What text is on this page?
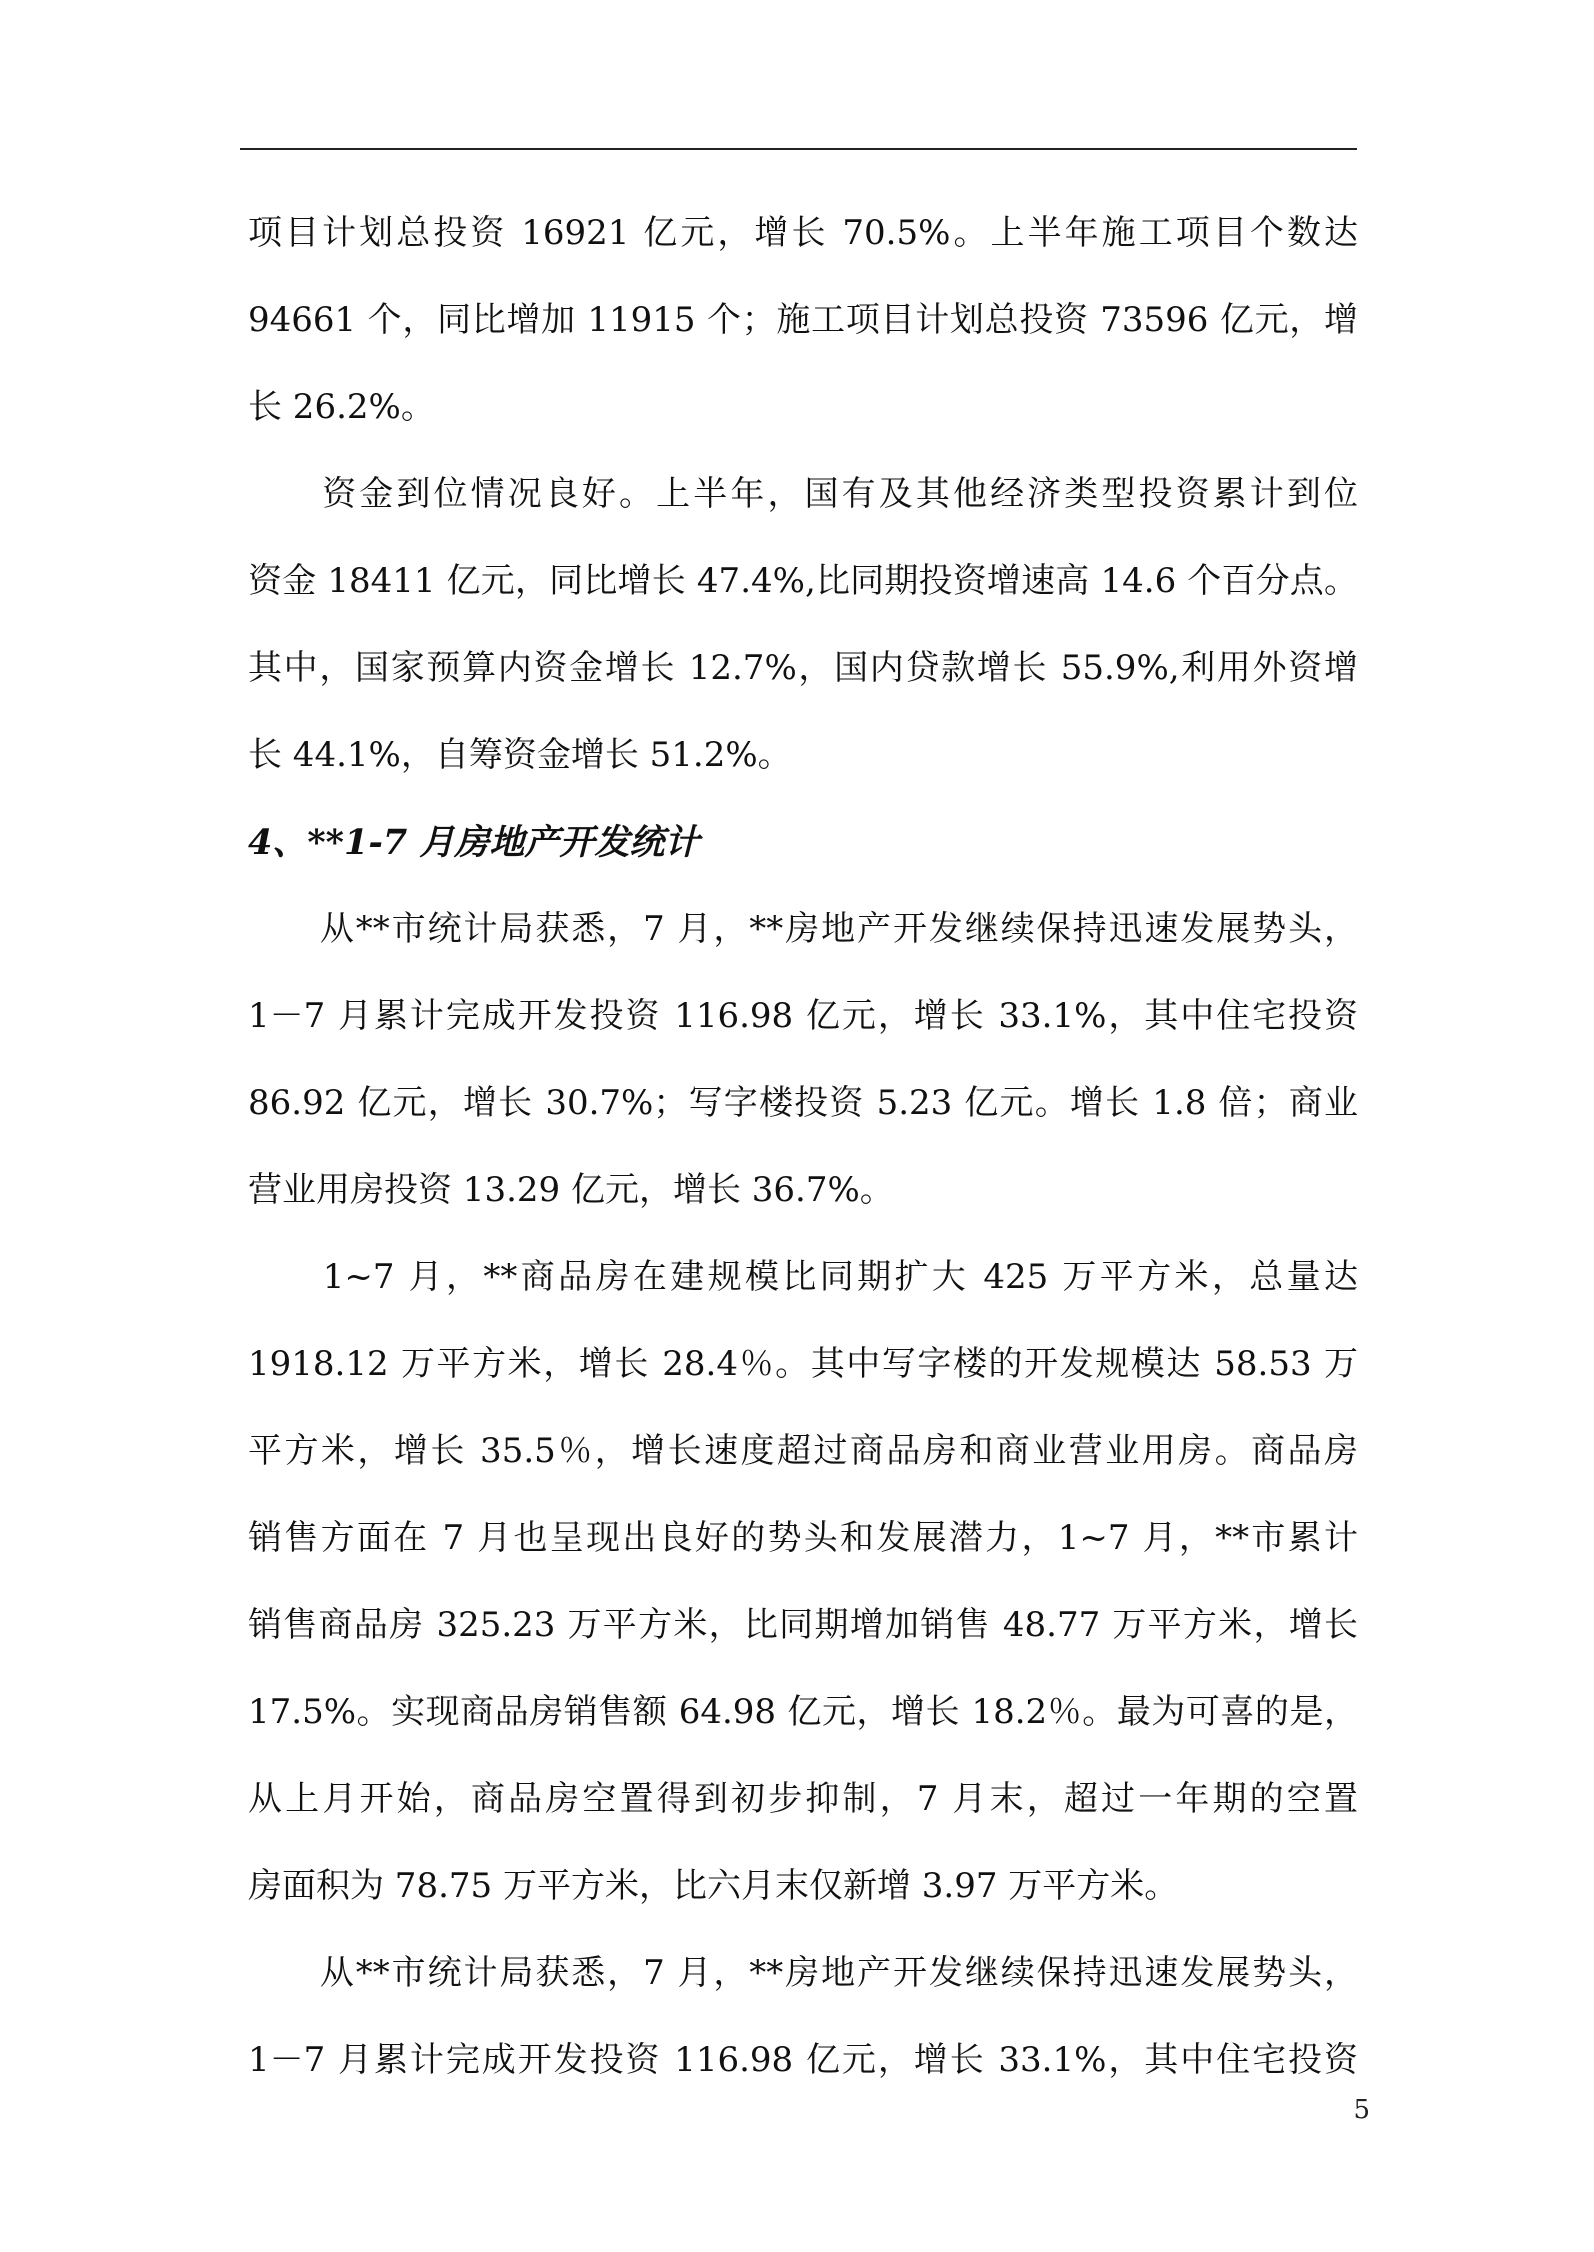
项目计划总投资 16921 亿元，增长 70.5%。上半年施工项目个数达
94661 个，同比增加 11915 个；施工项目计划总投资 73596 亿元，增
长 26.2%。
　　资金到位情况良好。上半年，国有及其他经济类型投资累计到位
资金 18411 亿元，同比增长 47.4%,比同期投资增速高 14.6 个百分点。
其中，国家预算内资金增长 12.7%，国内贷款增长 55.9%,利用外资增
长 44.1%，自筹资金增长 51.2%。
4、**1-7 月房地产开发统计
　　从**市统计局获悉，7 月，**房地产开发继续保持迅速发展势头，
1－7 月累计完成开发投资 116.98 亿元，增长 33.1%，其中住宅投资
86.92 亿元，增长 30.7%；写字楼投资 5.23 亿元。增长 1.8 倍；商业
营业用房投资 13.29 亿元，增长 36.7%。
　　1~7 月，**商品房在建规模比同期扩大 425 万平方米，总量达
1918.12 万平方米，增长 28.4％。其中写字楼的开发规模达 58.53 万
平方米，增长 35.5％，增长速度超过商品房和商业营业用房。商品房
销售方面在 7 月也呈现出良好的势头和发展潜力，1~7 月，**市累计
销售商品房 325.23 万平方米，比同期增加销售 48.77 万平方米，增长
17.5%。实现商品房销售额 64.98 亿元，增长 18.2％。最为可喜的是，
从上月开始，商品房空置得到初步抑制，7 月末，超过一年期的空置
房面积为 78.75 万平方米，比六月末仅新增 3.97 万平方米。
　　从**市统计局获悉，7 月，**房地产开发继续保持迅速发展势头，
1－7 月累计完成开发投资 116.98 亿元，增长 33.1%，其中住宅投资
5
